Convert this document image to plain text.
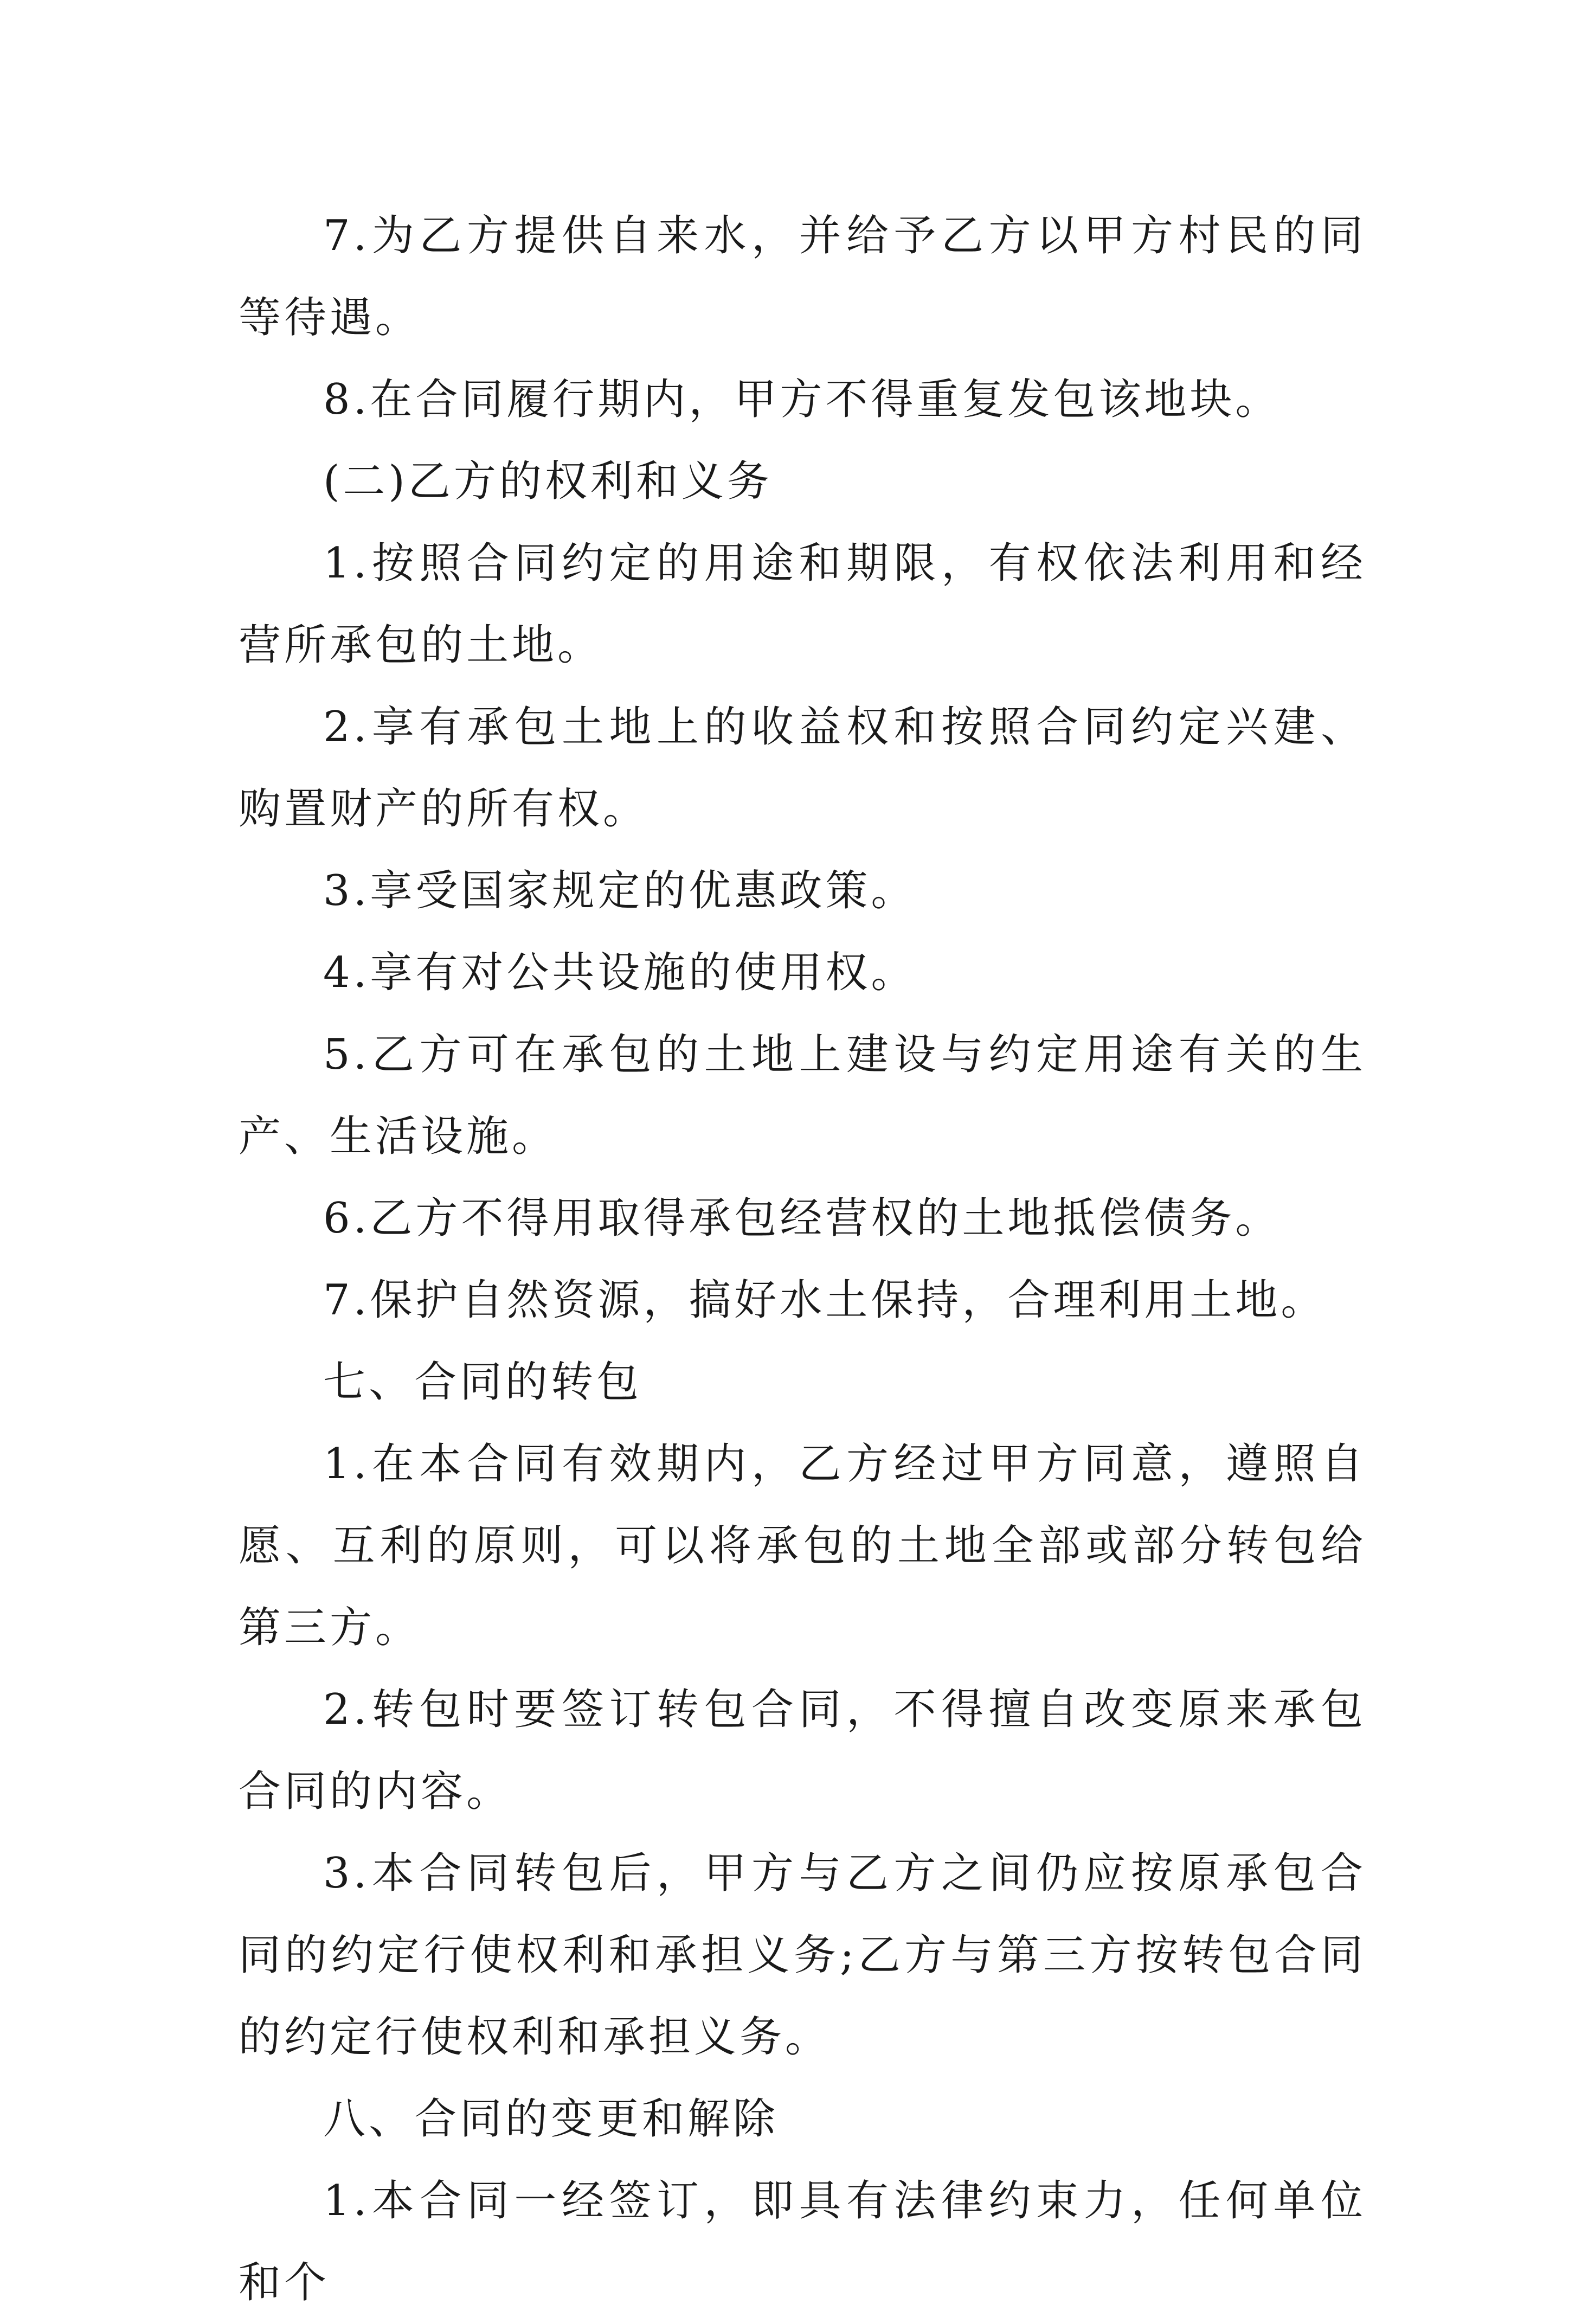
7.为乙方提供自来水，并给予乙方以甲方村民的同等待遇。

8.在合同履行期内，甲方不得重复发包该地块。

(二)乙方的权利和义务

1.按照合同约定的用途和期限，有权依法利用和经营所承包的土地。

2.享有承包土地上的收益权和按照合同约定兴建、购置财产的所有权。

3.享受国家规定的优惠政策。

4.享有对公共设施的使用权。

5.乙方可在承包的土地上建设与约定用途有关的生产、生活设施。

6.乙方不得用取得承包经营权的土地抵偿债务。

7.保护自然资源，搞好水土保持，合理利用土地。

七、合同的转包

1.在本合同有效期内，乙方经过甲方同意，遵照自愿、互利的原则，可以将承包的土地全部或部分转包给第三方。

2.转包时要签订转包合同，不得擅自改变原来承包合同的内容。

3.本合同转包后，甲方与乙方之间仍应按原承包合同的约定行使权利和承担义务;乙方与第三方按转包合同的约定行使权利和承担义务。

八、合同的变更和解除

1.本合同一经签订，即具有法律约束力，任何单位和个
